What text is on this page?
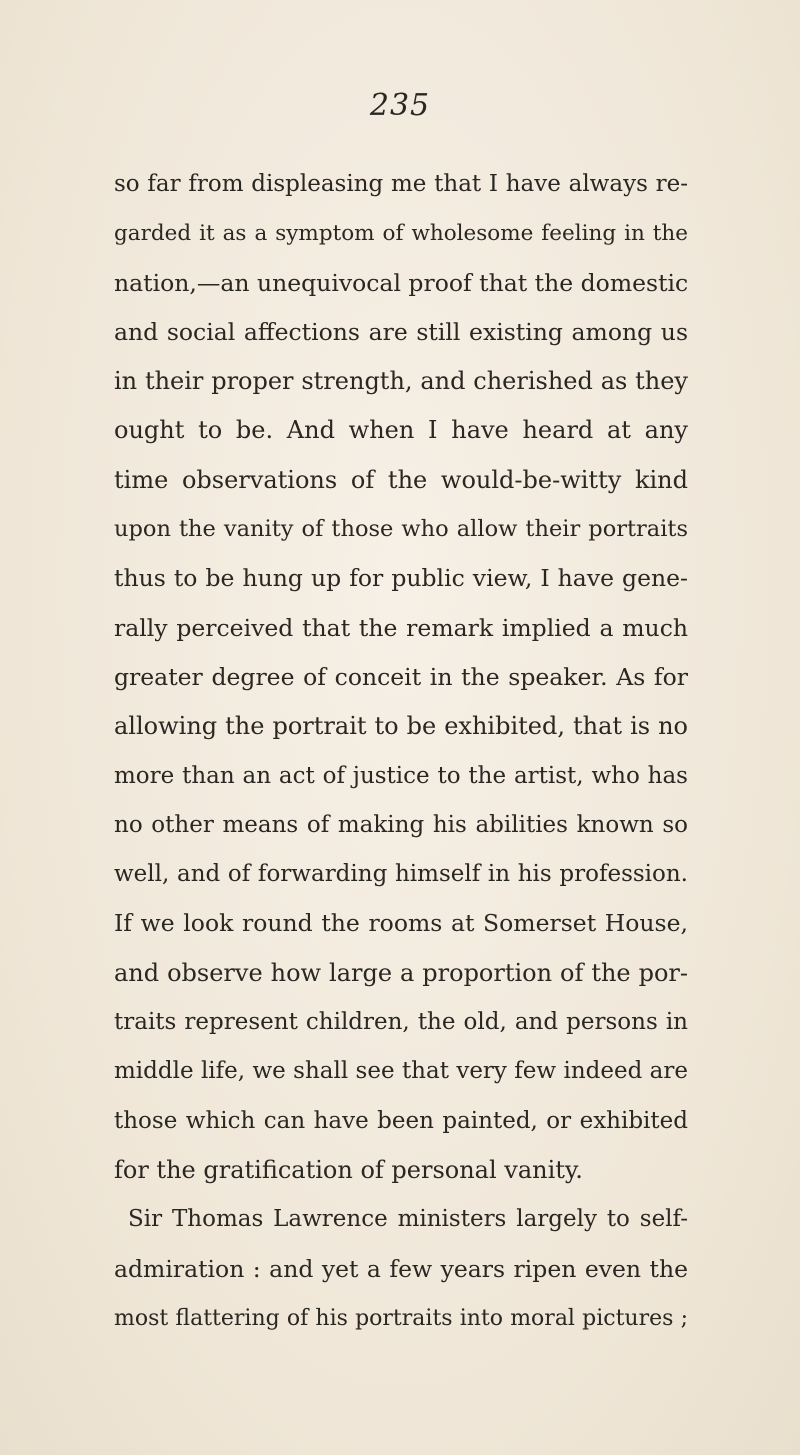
235
so far from displeasing me that I have always re-
garded it as a symptom of wholesome feeling in the
nation,—an unequivocal proof that the domestic
and social affections are still existing among us
in their proper strength, and cherished as they
ought to be. And when I have heard at any
time observations of the would-be-witty kind
upon the vanity of those who allow their portraits
thus to be hung up for public view, I have gene-
rally perceived that the remark implied a much
greater degree of conceit in the speaker. As for
allowing the portrait to be exhibited, that is no
more than an act of justice to the artist, who has
no other means of making his abilities known so
well, and of forwarding himself in his profession.
If we look round the rooms at Somerset House,
and observe how large a proportion of the por-
traits represent children, the old, and persons in
middle life, we shall see that very few indeed are
those which can have been painted, or exhibited
for the gratification of personal vanity.
Sir Thomas Lawrence ministers largely to self-
admiration : and yet a few years ripen even the
most flattering of his portraits into moral pictures ;
